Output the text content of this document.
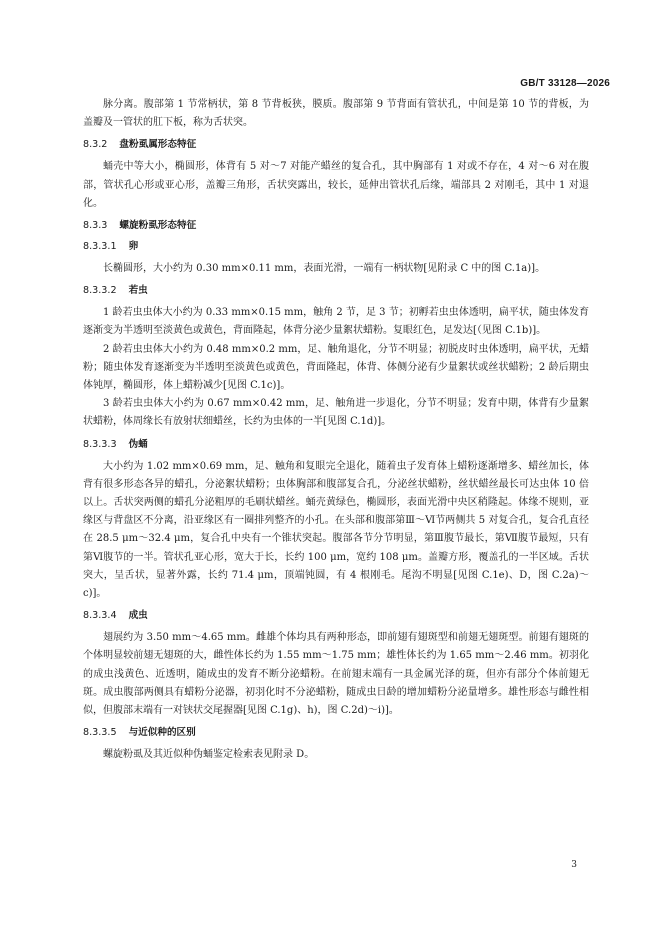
GB/T 33128—2026

脉分离。腹部第 1 节常柄状，第 8 节背板狭，膜质。腹部第 9 节背面有管状孔，中间是第 10 节的背板，为盖瓣及一管状的肛下板，称为舌状突。

8.3.2 盘粉虱属形态特征

蛹壳中等大小，椭圆形，体背有 5 对～7 对能产蜡丝的复合孔，其中胸部有 1 对或不存在，4 对～6 对在腹部，管状孔心形或亚心形，盖瓣三角形，舌状突露出，较长，延伸出管状孔后缘，端部具 2 对刚毛，其中 1 对退化。

8.3.3 螺旋粉虱形态特征
8.3.3.1 卵

长椭圆形，大小约为 0.30 mm×0.11 mm，表面光滑，一端有一柄状物[见附录 C 中的图 C.1a)]。

8.3.3.2 若虫

1 龄若虫虫体大小约为 0.33 mm×0.15 mm，触角 2 节，足 3 节；初孵若虫虫体透明，扁平状，随虫体发育逐渐变为半透明至淡黄色或黄色，背面隆起，体背分泌少量絮状蜡粉。复眼红色，足发达[（见图 C.1b)]。

2 龄若虫虫体大小约为 0.48 mm×0.2 mm，足、触角退化，分节不明显；初脱皮时虫体透明，扁平状，无蜡粉；随虫体发育逐渐变为半透明至淡黄色或黄色，背面隆起，体背、体侧分泌有少量絮状或丝状蜡粉；2 龄后期虫体钝厚，椭圆形，体上蜡粉减少[见图 C.1c)]。

3 龄若虫虫体大小约为 0.67 mm×0.42 mm，足、触角进一步退化，分节不明显；发育中期，体背有少量絮状蜡粉，体周缘长有放射状细蜡丝，长约为虫体的一半[见图 C.1d)]。

8.3.3.3 伪蛹

大小约为 1.02 mm×0.69 mm，足、触角和复眼完全退化，随着虫子发育体上蜡粉逐渐增多、蜡丝加长，体背有很多形态各异的蜡孔，分泌絮状蜡粉；虫体胸部和腹部复合孔，分泌丝状蜡粉，丝状蜡丝最长可达虫体 10 倍以上。舌状突两侧的蜡孔分泌粗厚的毛刷状蜡丝。蛹壳黄绿色，椭圆形，表面光滑中央区稍隆起。体缘不规则，亚缘区与背盘区不分离，沿亚缘区有一圈排列整齐的小孔。在头部和腹部第Ⅲ～Ⅵ节两侧共 5 对复合孔，复合孔直径在 28.5 μm～32.4 μm，复合孔中央有一个锥状突起。腹部各节分节明显，第Ⅲ腹节最长，第Ⅶ腹节最短，只有第Ⅵ腹节的一半。管状孔亚心形，宽大于长，长约 100 μm，宽约 108 μm。盖瓣方形，覆盖孔的一半区域。舌状突大，呈舌状，显著外露，长约 71.4 μm，顶端钝圆，有 4 根刚毛。尾沟不明显[见图 C.1e)、D，图 C.2a)～c)]。

8.3.3.4 成虫

翅展约为 3.50 mm～4.65 mm。雌雄个体均具有两种形态，即前翅有翅斑型和前翅无翅斑型。前翅有翅斑的个体明显较前翅无翅斑的大，雌性体长约为 1.55 mm～1.75 mm；雄性体长约为 1.65 mm～2.46 mm。初羽化的成虫浅黄色、近透明，随成虫的发育不断分泌蜡粉。在前翅末端有一具金属光泽的斑，但亦有部分个体前翅无斑。成虫腹部两侧具有蜡粉分泌器，初羽化时不分泌蜡粉，随成虫日龄的增加蜡粉分泌量增多。雄性形态与雌性相似，但腹部末端有一对铗状交尾握器[见图 C.1g)、h)，图 C.2d)～i)]。

8.3.3.5 与近似种的区别

螺旋粉虱及其近似种伪蛹鉴定检索表见附录 D。

3
